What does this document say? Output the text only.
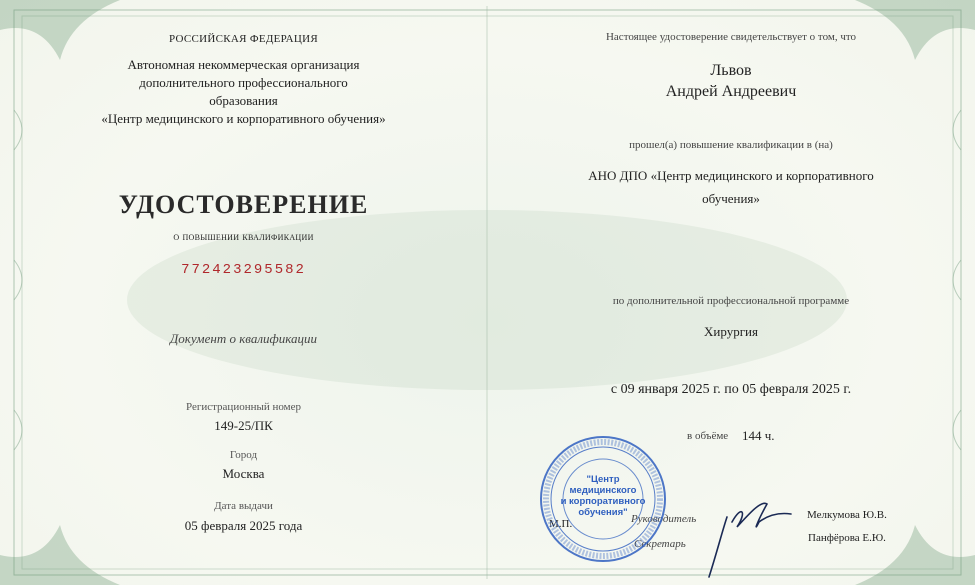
РОССИЙСКАЯ ФЕДЕРАЦИЯ
Автономная некоммерческая организация
дополнительного профессионального
образования
«Центр медицинского и корпоративного обучения»
УДОСТОВЕРЕНИЕ
о повышении квалификации
772423295582
Документ о квалификации
Регистрационный номер
149-25/ПК
Город
Москва
Дата выдачи
05 февраля 2025 года
Настоящее удостоверение свидетельствует о том, что
Львов
Андрей Андреевич
прошел(а) повышение квалификации в (на)
АНО ДПО «Центр медицинского и корпоративного
обучения»
по дополнительной профессиональной программе
Хирургия
с 09 января 2025 г. по 05 февраля 2025 г.
в объёме 144 ч.
М.П.	Руководитель
Секретарь
Мелкумова Ю.В.
Панфёрова Е.Ю.
"Центр
медицинского
и корпоративного
обучения"
